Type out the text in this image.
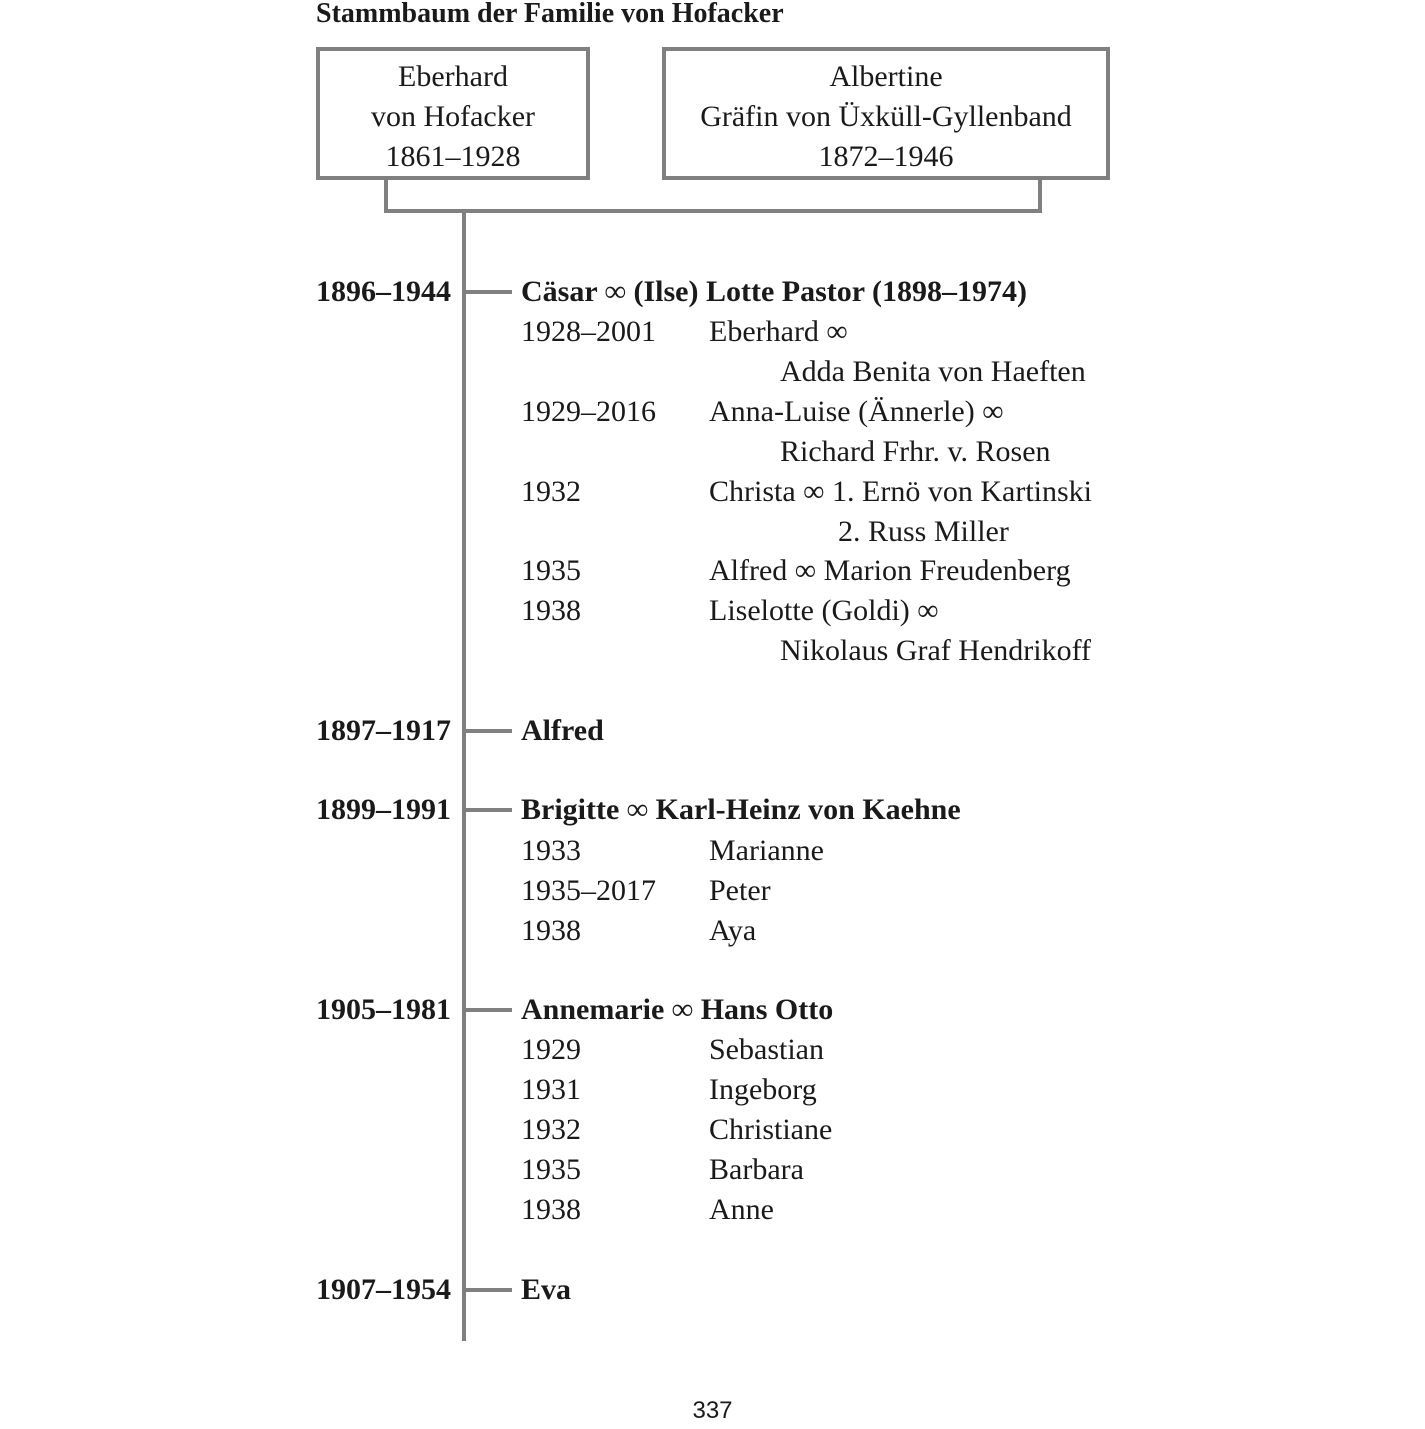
Stammbaum der Familie von Hofacker
Eberhard
von Hofacker
1861–1928
Albertine
Gräfin von Üxküll-Gyllenband
1872–1946
1896–1944 Cäsar ∞ (Ilse) Lotte Pastor (1898–1974)
1928–2001 Eberhard ∞
Adda Benita von Haeften
1929–2016 Anna-Luise (Ännerle) ∞
Richard Frhr. v. Rosen
1932	Christa ∞ 1. Ernö von Kartinski
2. Russ Miller
1935	Alfred ∞ Marion Freudenberg
1938	Liselotte (Goldi) ∞
Nikolaus Graf Hendrikoff
1897–1917 Alfred
1899–1991 Brigitte ∞ Karl-Heinz von Kaehne
1933	Marianne
1935–2017 Peter
1938	Aya
1905–1981 Annemarie ∞ Hans Otto
1929	Sebastian
1931	Ingeborg
1932	Christiane
1935	Barbara
1938	Anne
1907–1954 Eva
337
